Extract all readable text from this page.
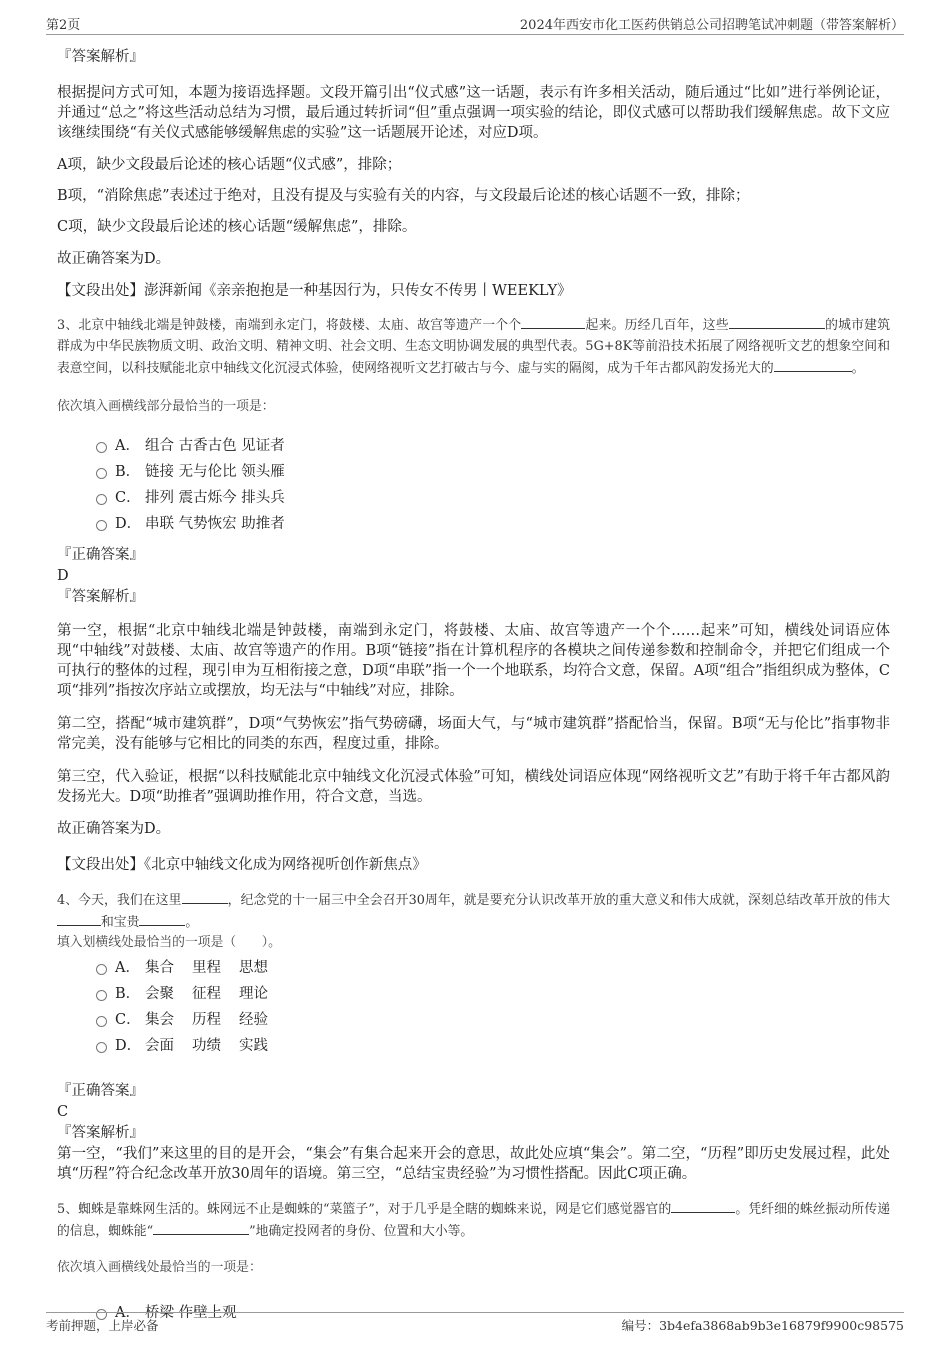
第2页	2024年西安市化工医药供销总公司招聘笔试冲刺题（带答案解析）

『答案解析』

根据提问方式可知，本题为接语选择题。文段开篇引出“仪式感”这一话题，表示有许多相关活动，随后通过“比如”进行举例论证，并通过“总之”将这些活动总结为习惯，最后通过转折词“但”重点强调一项实验的结论，即仪式感可以帮助我们缓解焦虑。故下文应该继续围绕“有关仪式感能够缓解焦虑的实验”这一话题展开论述，对应D项。

A项，缺少文段最后论述的核心话题“仪式感”，排除；

B项，“消除焦虑”表述过于绝对，且没有提及与实验有关的内容，与文段最后论述的核心话题不一致，排除；

C项，缺少文段最后论述的核心话题“缓解焦虑”，排除。

故正确答案为D。

【文段出处】澎湃新闻《亲亲抱抱是一种基因行为，只传女不传男丨WEEKLY》

3、北京中轴线北端是钟鼓楼，南端到永定门，将鼓楼、太庙、故宫等遗产一个个	起来。历经几百年，这些	的城市建筑群成为中华民族物质文明、政治文明、精神文明、社会文明、生态文明协调发展的典型代表。5G+8K等前沿技术拓展了网络视听文艺的想象空间和表意空间，以科技赋能北京中轴线文化沉浸式体验，使网络视听文艺打破古与今、虚与实的隔阂，成为千年古都风韵发扬光大的	。

依次填入画横线部分最恰当的一项是：

A． 组合 古香古色 见证者
B． 链接 无与伦比 领头雁
C． 排列 震古烁今 排头兵
D． 串联 气势恢宏 助推者

『正确答案』

D

『答案解析』

第一空，根据“北京中轴线北端是钟鼓楼，南端到永定门，将鼓楼、太庙、故宫等遗产一个个……起来”可知，横线处词语应体现“中轴线”对鼓楼、太庙、故宫等遗产的作用。B项“链接”指在计算机程序的各模块之间传递参数和控制命令，并把它们组成一个可执行的整体的过程，现引申为互相衔接之意，D项“串联”指一个一个地联系，均符合文意，保留。A项“组合”指组织成为整体，C项“排列”指按次序站立或摆放，均无法与“中轴线”对应，排除。

第二空，搭配“城市建筑群”，D项“气势恢宏”指气势磅礴，场面大气，与“城市建筑群”搭配恰当，保留。B项“无与伦比”指事物非常完美，没有能够与它相比的同类的东西，程度过重，排除。

第三空，代入验证，根据“以科技赋能北京中轴线文化沉浸式体验”可知，横线处词语应体现“网络视听文艺”有助于将千年古都风韵发扬光大。D项“助推者”强调助推作用，符合文意，当选。

故正确答案为D。

【文段出处】《北京中轴线文化成为网络视听创作新焦点》

4、今天，我们在这里	，纪念党的十一届三中全会召开30周年，就是要充分认识改革开放的重大意义和伟大成就，深刻总结改革开放的伟大和宝贵	。

填入划横线处最恰当的一项是（　　）。

A． 集合 里程 思想
B． 会聚 征程 理论
C． 集会 历程 经验
D． 会面 功绩 实践

『正确答案』

C

『答案解析』

第一空，“我们”来这里的目的是开会，“集会”有集合起来开会的意思，故此处应填“集会”。第二空，“历程”即历史发展过程，此处填“历程”符合纪念改革开放30周年的语境。第三空，“总结宝贵经验”为习惯性搭配。因此C项正确。

5、蜘蛛是靠蛛网生活的。蛛网远不止是蜘蛛的“菜篮子”，对于几乎是全瞎的蜘蛛来说，网是它们感觉器官的	。凭纤细的蛛丝振动所传递的信息，蜘蛛能“	”地确定投网者的身份、位置和大小等。

依次填入画横线处最恰当的一项是：

A． 桥梁 作壁上观
考前押题，上岸必备	编号：3b4efa3868ab9b3e16879f9900c98575
